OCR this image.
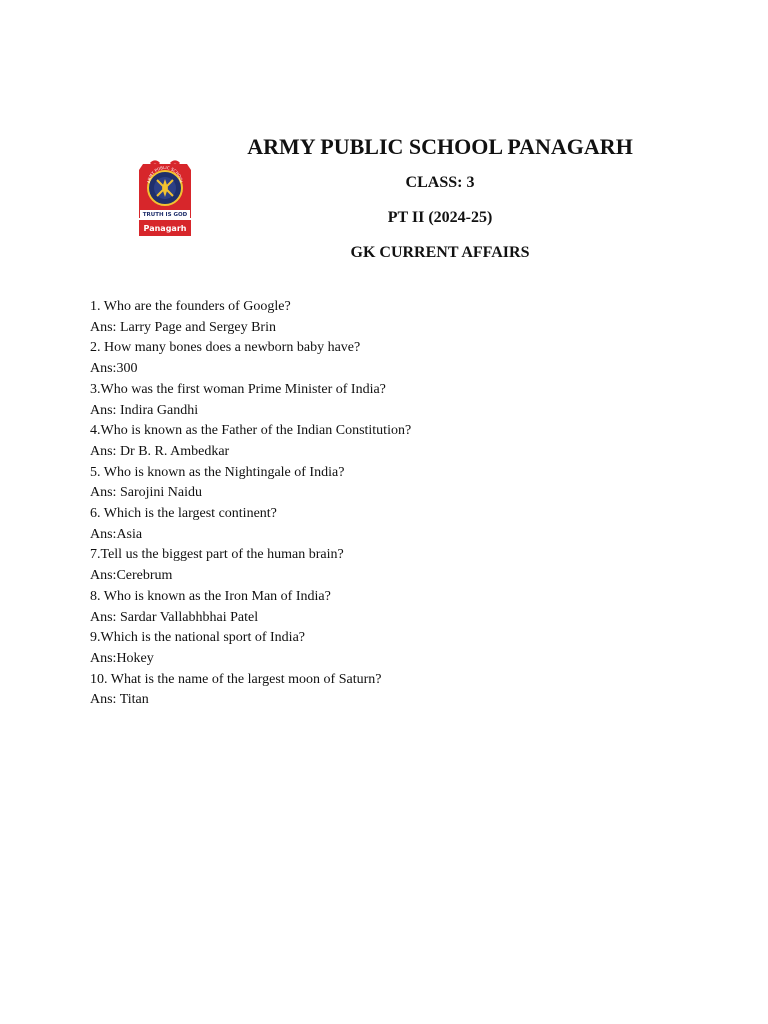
ARMY PUBLIC SCHOOL
TRUTH IS GOD
Panagarh
ARMY PUBLIC SCHOOL PANAGARH
CLASS: 3
PT II (2024-25)
GK CURRENT AFFAIRS
1. Who are the founders of Google?
Ans: Larry Page and Sergey Brin
2. How many bones does a newborn baby have?
Ans:300
3.Who was the first woman Prime Minister of India?
Ans: Indira Gandhi
4.Who is known as the Father of the Indian Constitution?
Ans: Dr B. R. Ambedkar
5. Who is known as the Nightingale of India?
Ans: Sarojini Naidu
6. Which is the largest continent?
Ans:Asia
7.Tell us the biggest part of the human brain?
Ans:Cerebrum
8. Who is known as the Iron Man of India?
Ans: Sardar Vallabhbhai Patel
9.Which is the national sport of India?
Ans:Hokey
10. What is the name of the largest moon of Saturn?
Ans: Titan
